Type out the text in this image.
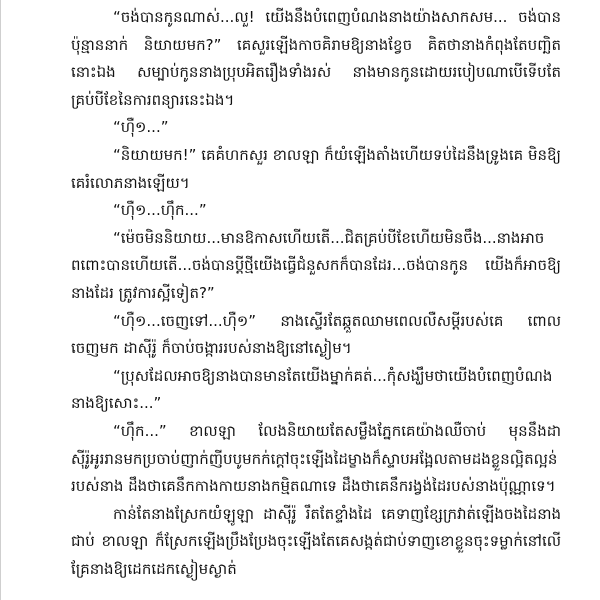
“ចង់បានកូនណាស់...លួ! យើងនឹងបំពេញបំណងនាងយ៉ាងសាកសម... ចង់បានប៉ុន្មាននាក់ និយាយមក?” គេសួរឡើងកាចគិរាមឱ្យនាងខ្វែច គិតថានាងកំពុងតែបញ្ឆិតនោះឯង សម្បាប់កូននាងប្រុបអិតរឿងទាំងរស់ នាងមានកូនដោយរបៀបណាបើទើបតែគ្រប់បីខែនៃការពន្យារនេះឯង។

“ហ៊ឺ១...”

“និយាយមក!” គេគំហកសួរ ខាលឡា ក៏យំឡើងតាំងហើយទប់ដៃនឹងទ្រូងគេ មិនឱ្យគេរំលោភនាងឡើយ។

“ហ៊ឺ១...ហ៊ឹក...”

“ម៉េចមិននិយាយ...មានឱកាសហើយតើ...ជិតគ្រប់បីខែហើយមិនចឹង...នាងអាចពពោះបានហើយតើ...ចង់បានប្ដីថ្មីយើងធ្វើជំនួសកក៏បានដែរ...ចង់បានកូន យើងក៏អាចឱ្យនាងដែរ ត្រូវការស្អីទៀត?”

“ហ៊ឺ១...ចេញទៅ...ហ៊ឺ១” នាងស្ទើរតែឆ្កួតឈាមពេលលឺសម្ដីរបស់គេ ពោលចេញមក ដាស៊ីរ៉ូ ក៏ចាប់ចង្ការរបស់នាងឱ្យនៅស្ងៀម។

“ប្រុសដែលអាចឱ្យនាងបានមានតែយើងម្នាក់គត់...កុំសង្ឃឹមថាយើងបំពេញបំណងនាងឱ្យសោះ...”

“ហ៊ឹក...” ខាលឡា លែងនិយាយតែសម្លឹងភ្នែកគេយ៉ាងឈឺចាប់ មុននឹងដាស៊ីរ៉ូអូររានមកប្រចាប់ញាក់ញីបបូមកក់ក្ដៅចុះឡើងដៃម្ខាងក៏ស្ទាបអង្អែលតាមដងខ្លួនល្អិតល្អន់របស់នាង ដឹងថាគេនឹកកាងកាយនាងកម្មិតណាទេ ដឹងថាគេនឹករង្វង់ដៃរបស់នាងប៉ុណ្ណាទេ។

កាន់តែនាងស្រែកយំឡូឡា ដាស៊ីរ៉ូ រឹតតែខ្ទាំងដៃ គេទាញខ្សែក្រវាត់ឡើងចងដៃនាងជាប់ ខាលឡា ក៏ស្រែកឡើងប្រឹងប្រែងចុះឡើងតែគេសង្កត់ជាប់ទាញខោខ្លួនចុះទម្លាក់នៅលើគ្រែនាងឱ្យដេកដេកស្ងៀមស្ងាត់
